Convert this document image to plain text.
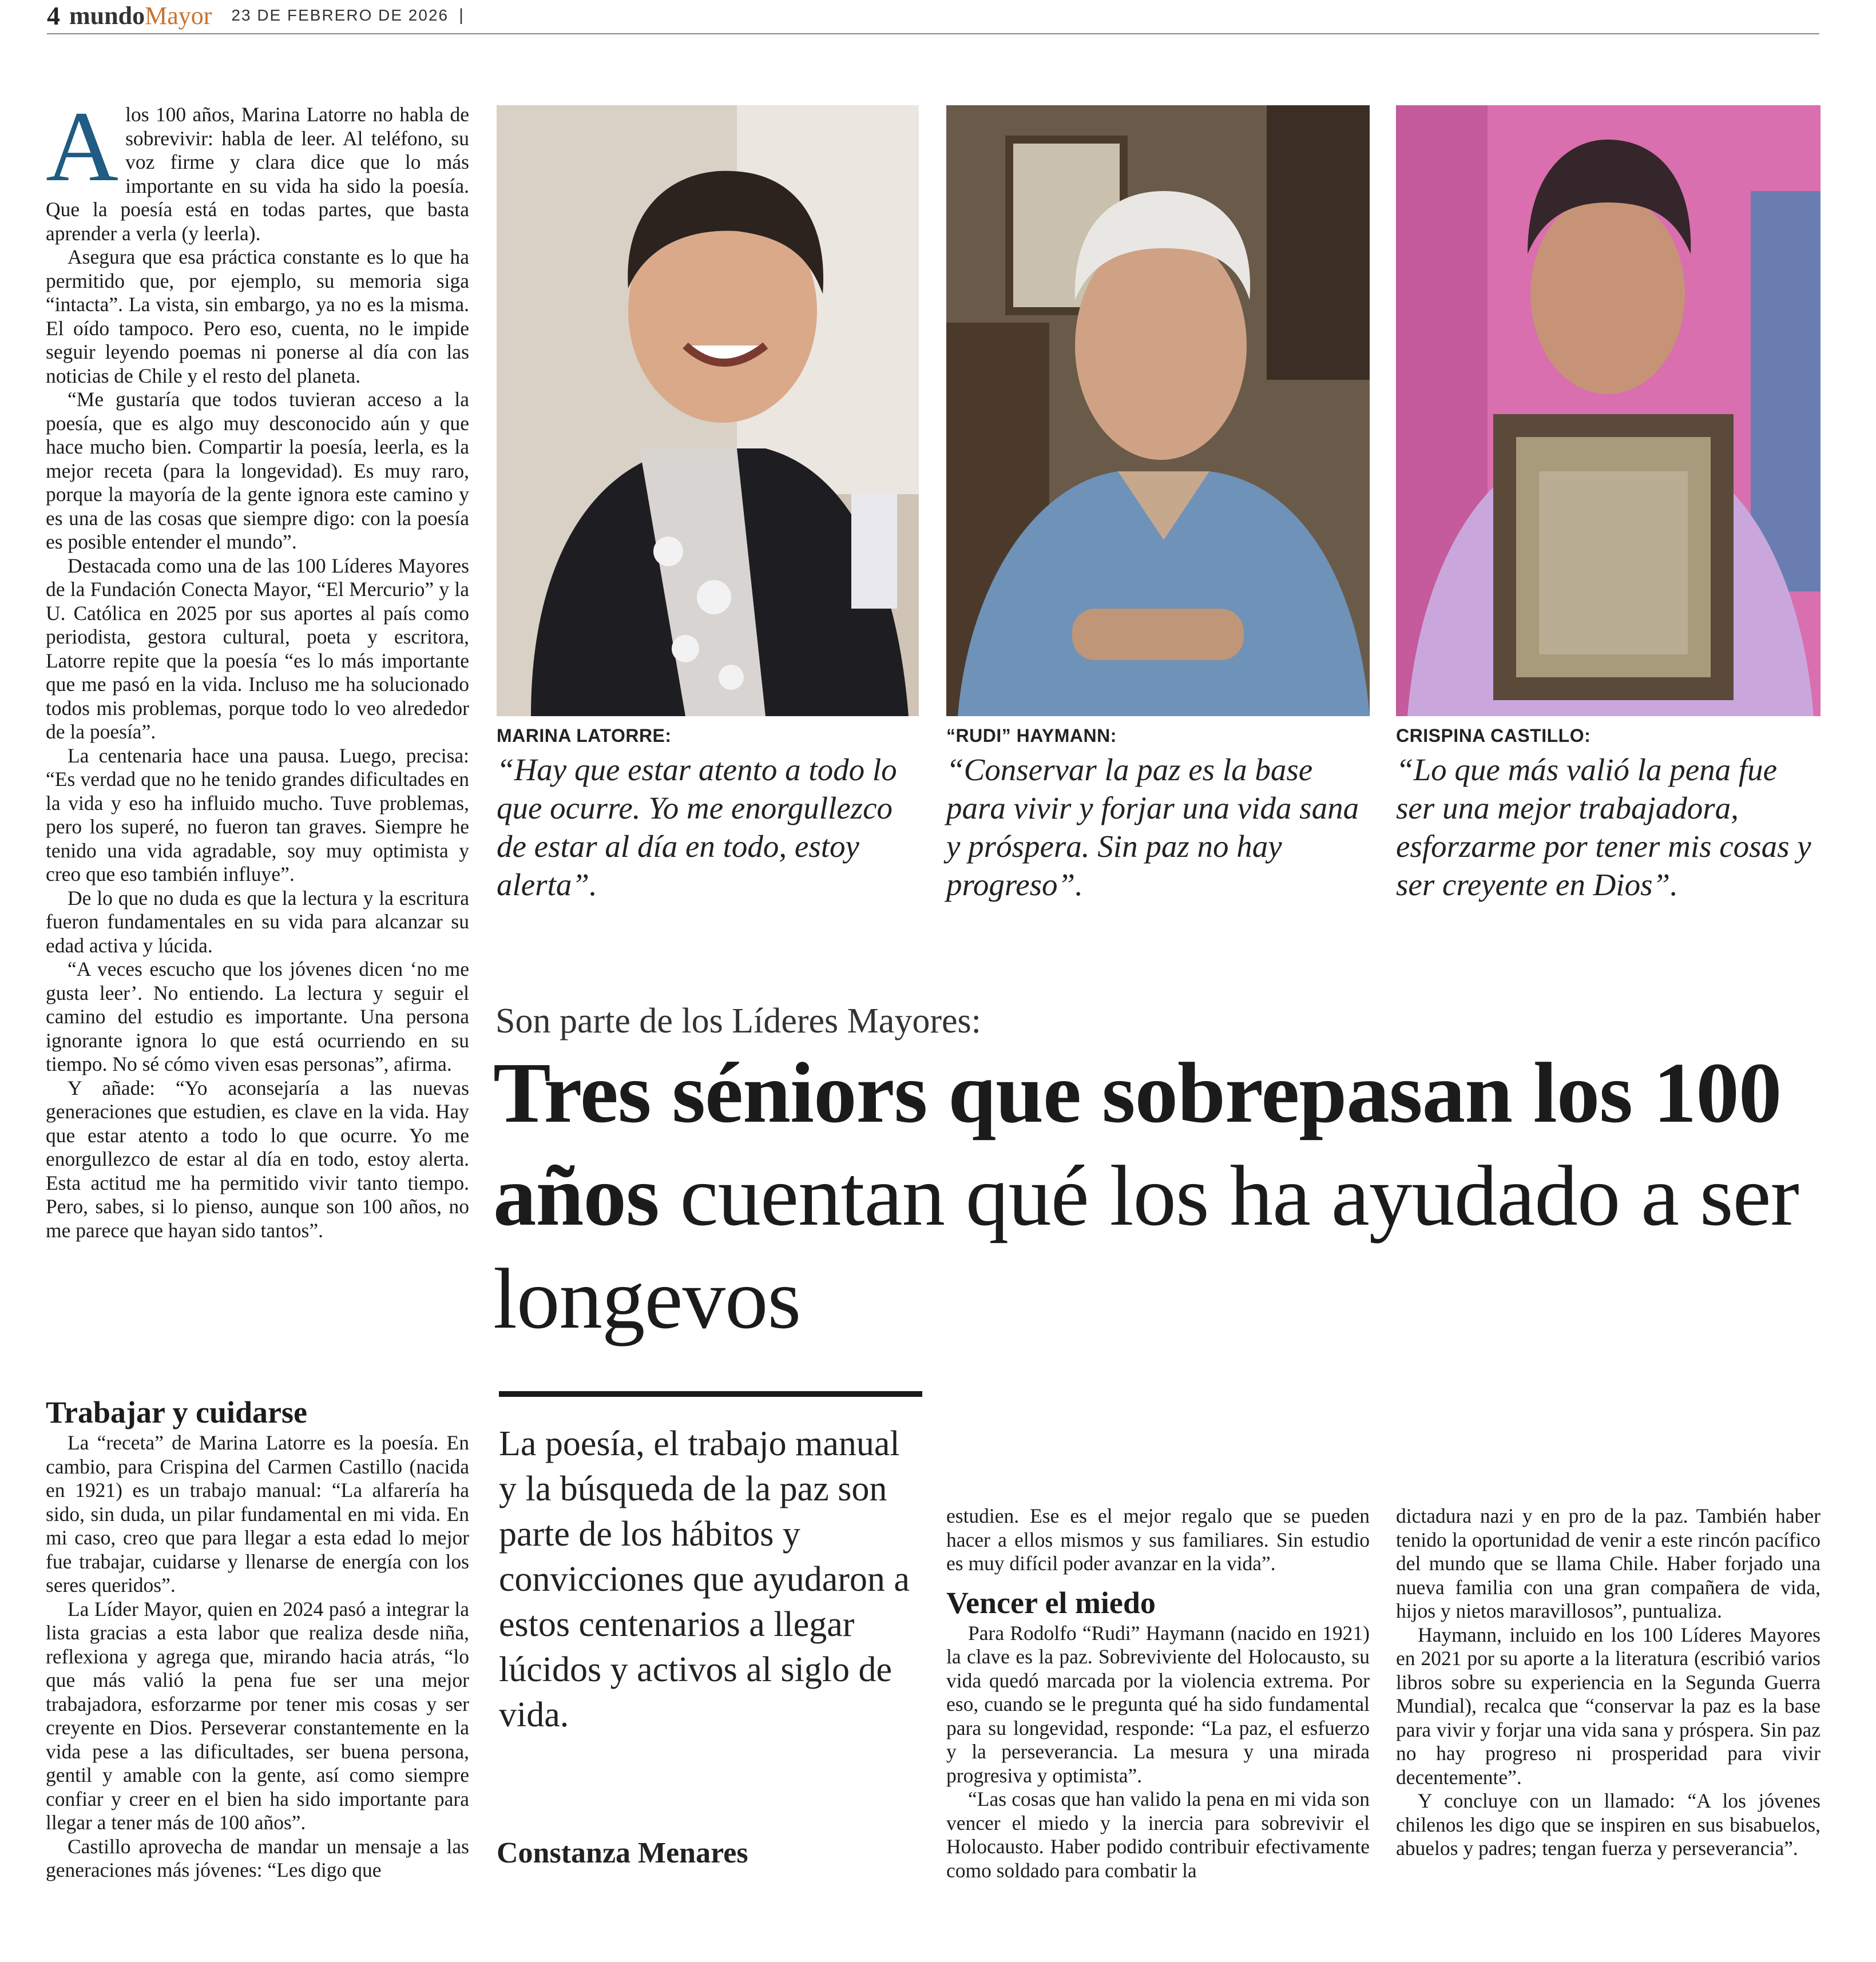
4 mundo Mayor 23 DE FEBRERO DE 2026 |

Alos 100 años, Marina Latorre no habla de sobrevivir: habla de leer. Al teléfono, su voz firme y clara dice que lo más importante en su vida ha sido la poesía. Que la poesía está en todas partes, que basta aprender a verla (y leerla).

Asegura que esa práctica constante es lo que ha permitido que, por ejemplo, su memoria siga “intacta”. La vista, sin embargo, ya no es la misma. El oído tampoco. Pero eso, cuenta, no le impide seguir leyendo poemas ni ponerse al día con las noticias de Chile y el resto del planeta.

“Me gustaría que todos tuvieran acceso a la poesía, que es algo muy desconocido aún y que hace mucho bien. Compartir la poesía, leerla, es la mejor receta (para la longevidad). Es muy raro, porque la mayoría de la gente ignora este camino y es una de las cosas que siempre digo: con la poesía es posible entender el mundo”.

Destacada como una de las 100 Líderes Mayores de la Fundación Conecta Mayor, “El Mercurio” y la U. Católica en 2025 por sus aportes al país como periodista, gestora cultural, poeta y escritora, Latorre repite que la poesía “es lo más importante que me pasó en la vida. Incluso me ha solucionado todos mis problemas, porque todo lo veo alrededor de la poesía”.

La centenaria hace una pausa. Luego, precisa: “Es verdad que no he tenido grandes dificultades en la vida y eso ha influido mucho. Tuve problemas, pero los superé, no fueron tan graves. Siempre he tenido una vida agradable, soy muy optimista y creo que eso también influye”.

De lo que no duda es que la lectura y la escritura fueron fundamentales en su vida para alcanzar su edad activa y lúcida.

“A veces escucho que los jóvenes dicen ‘no me gusta leer’. No entiendo. La lectura y seguir el camino del estudio es importante. Una persona ignorante ignora lo que está ocurriendo en su tiempo. No sé cómo viven esas personas”, afirma.

Y añade: “Yo aconsejaría a las nuevas generaciones que estudien, es clave en la vida. Hay que estar atento a todo lo que ocurre. Yo me enorgullezco de estar al día en todo, estoy alerta. Esta actitud me ha permitido vivir tanto tiempo. Pero, sabes, si lo pienso, aunque son 100 años, no me parece que hayan sido tantos”.

Trabajar y cuidarse

La “receta” de Marina Latorre es la poesía. En cambio, para Crispina del Carmen Castillo (nacida en 1921) es un trabajo manual: “La alfarería ha sido, sin duda, un pilar fundamental en mi vida. En mi caso, creo que para llegar a esta edad lo mejor fue trabajar, cuidarse y llenarse de energía con los seres queridos”.

La Líder Mayor, quien en 2024 pasó a integrar la lista gracias a esta labor que realiza desde niña, reflexiona y agrega que, mirando hacia atrás, “lo que más valió la pena fue ser una mejor trabajadora, esforzarme por tener mis cosas y ser creyente en Dios. Perseverar constantemente en la vida pese a las dificultades, ser buena persona, gentil y amable con la gente, así como siempre confiar y creer en el bien ha sido importante para llegar a tener más de 100 años”.

Castillo aprovecha de mandar un mensaje a las generaciones más jóvenes: “Les digo que

MARINA LATORRE:
“Hay que estar atento a todo lo que ocurre. Yo me enorgullezco de estar al día en todo, estoy alerta”.
“RUDI” HAYMANN:
“Conservar la paz es la base para vivir y forjar una vida sana y próspera. Sin paz no hay progreso”.
CRISPINA CASTILLO:
“Lo que más valió la pena fue ser una mejor trabajadora, esforzarme por tener mis cosas y ser creyente en Dios”.
Son parte de los Líderes Mayores:
Tres séniors que sobrepasan los 100 años cuentan qué los ha ayudado a ser longevos
La poesía, el trabajo manual y la búsqueda de la paz son parte de los hábitos y convicciones que ayudaron a estos centenarios a llegar lúcidos y activos al siglo de vida.
Constanza Menares

estudien. Ese es el mejor regalo que se pueden hacer a ellos mismos y sus familiares. Sin estudio es muy difícil poder avanzar en la vida”.

Vencer el miedo

Para Rodolfo “Rudi” Haymann (nacido en 1921) la clave es la paz. Sobreviviente del Holocausto, su vida quedó marcada por la violencia extrema. Por eso, cuando se le pregunta qué ha sido fundamental para su longevidad, responde: “La paz, el esfuerzo y la perseverancia. La mesura y una mirada progresiva y optimista”.

“Las cosas que han valido la pena en mi vida son vencer el miedo y la inercia para sobrevivir el Holocausto. Haber podido contribuir efectivamente como soldado para combatir la

dictadura nazi y en pro de la paz. También haber tenido la oportunidad de venir a este rincón pacífico del mundo que se llama Chile. Haber forjado una nueva familia con una gran compañera de vida, hijos y nietos maravillosos”, puntualiza.

Haymann, incluido en los 100 Líderes Mayores en 2021 por su aporte a la literatura (escribió varios libros sobre su experiencia en la Segunda Guerra Mundial), recalca que “conservar la paz es la base para vivir y forjar una vida sana y próspera. Sin paz no hay progreso ni prosperidad para vivir decentemente”.

Y concluye con un llamado: “A los jóvenes chilenos les digo que se inspiren en sus bisabuelos, abuelos y padres; tengan fuerza y perseverancia”.
